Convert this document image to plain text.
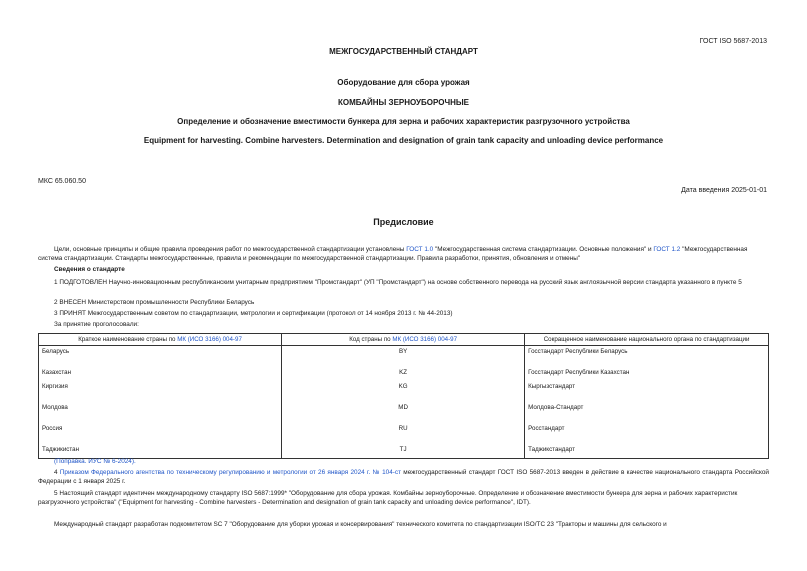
ГОСТ ISO 5687-2013
МЕЖГОСУДАРСТВЕННЫЙ СТАНДАРТ
Оборудование для сбора урожая
КОМБАЙНЫ ЗЕРНОУБОРОЧНЫЕ
Определение и обозначение вместимости бункера для зерна и рабочих характеристик разгрузочного устройства
Equipment for harvesting. Combine harvesters. Determination and designation of grain tank capacity and unloading device performance
МКС 65.060.50
Дата введения 2025-01-01
Предисловие
Цели, основные принципы и общие правила проведения работ по межгосударственной стандартизации установлены ГОСТ 1.0 "Межгосударственная система стандартизации. Основные положения" и ГОСТ 1.2 "Межгосударственная система стандартизации. Стандарты межгосударственные, правила и рекомендации по межгосударственной стандартизации. Правила разработки, принятия, обновления и отмены"
Сведения о стандарте
1 ПОДГОТОВЛЕН Научно-инновационным республиканским унитарным предприятием "Промстандарт" (УП "Промстандарт") на основе собственного перевода на русский язык англоязычной версии стандарта указанного в пункте 5
2 ВНЕСЕН Министерством промышленности Республики Беларусь
3 ПРИНЯТ Межгосударственным советом по стандартизации, метрологии и сертификации (протокол от 14 ноября 2013 г. № 44-2013)
За принятие проголосовали:
Краткое наименование страны по МК (ИСО 3166) 004-97	Код страны по МК (ИСО 3166) 004-97	Сокращенное наименование национального органа по стандартизации

Беларусь	BY	Госстандарт Республики Беларусь

Казахстан	KZ	Госстандарт Республики Казахстан

Киргизия	KG	Кыргызстандарт

Молдова	MD	Молдова-Стандарт

Россия	RU	Росстандарт

Таджикистан	TJ	Таджикстандарт
(Поправка. ИУС № 6-2024).
4 Приказом Федерального агентства по техническому регулированию и метрологии от 26 января 2024 г. № 104-ст межгосударственный стандарт ГОСТ ISO 5687-2013 введен в действие в качестве национального стандарта Российской Федерации с 1 января 2025 г.
5 Настоящий стандарт идентичен международному стандарту ISO 5687:1999* "Оборудование для сбора урожая. Комбайны зерноуборочные. Определение и обозначение вместимости бункера для зерна и рабочих характеристик разгрузочного устройства" ("Equipment for harvesting - Combine harvesters - Determination and designation of grain tank capacity and unloading device performance", IDT).
Международный стандарт разработан подкомитетом SC 7 "Оборудование для уборки урожая и консервирования" технического комитета по стандартизации ISO/TC 23 "Тракторы и машины для сельского и
